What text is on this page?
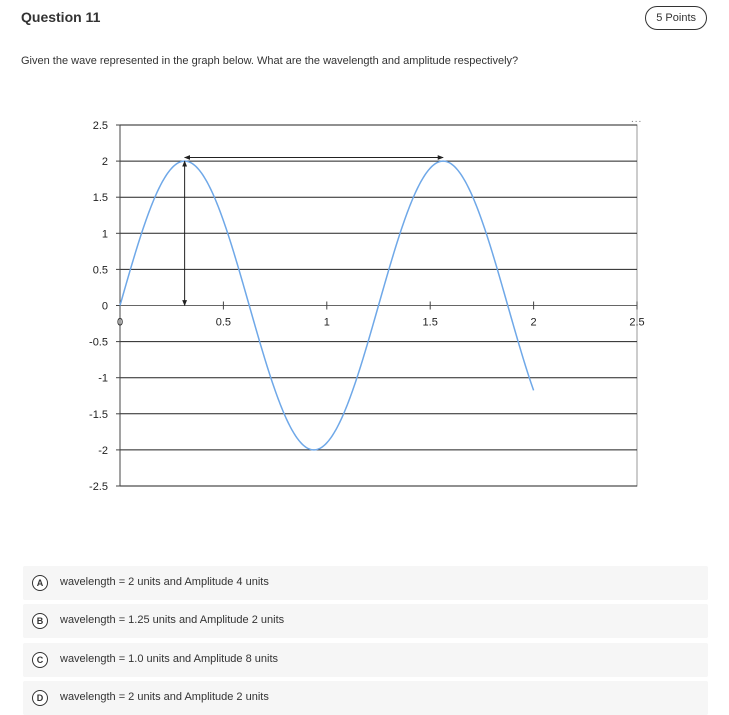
Question 11	5 Points
Given the wave represented in the graph below. What are the wavelength and amplitude respectively?
2.5
2
1.5
1
0.5
0
-0.5
-1
-1.5
-2
-2.5
0	0.5	1	1.5	2	2.5
...
A	wavelength = 2 units and Amplitude 4 units
B	wavelength = 1.25 units and Amplitude 2 units
C	wavelength = 1.0 units and Amplitude 8 units
D	wavelength = 2 units and Amplitude 2 units
